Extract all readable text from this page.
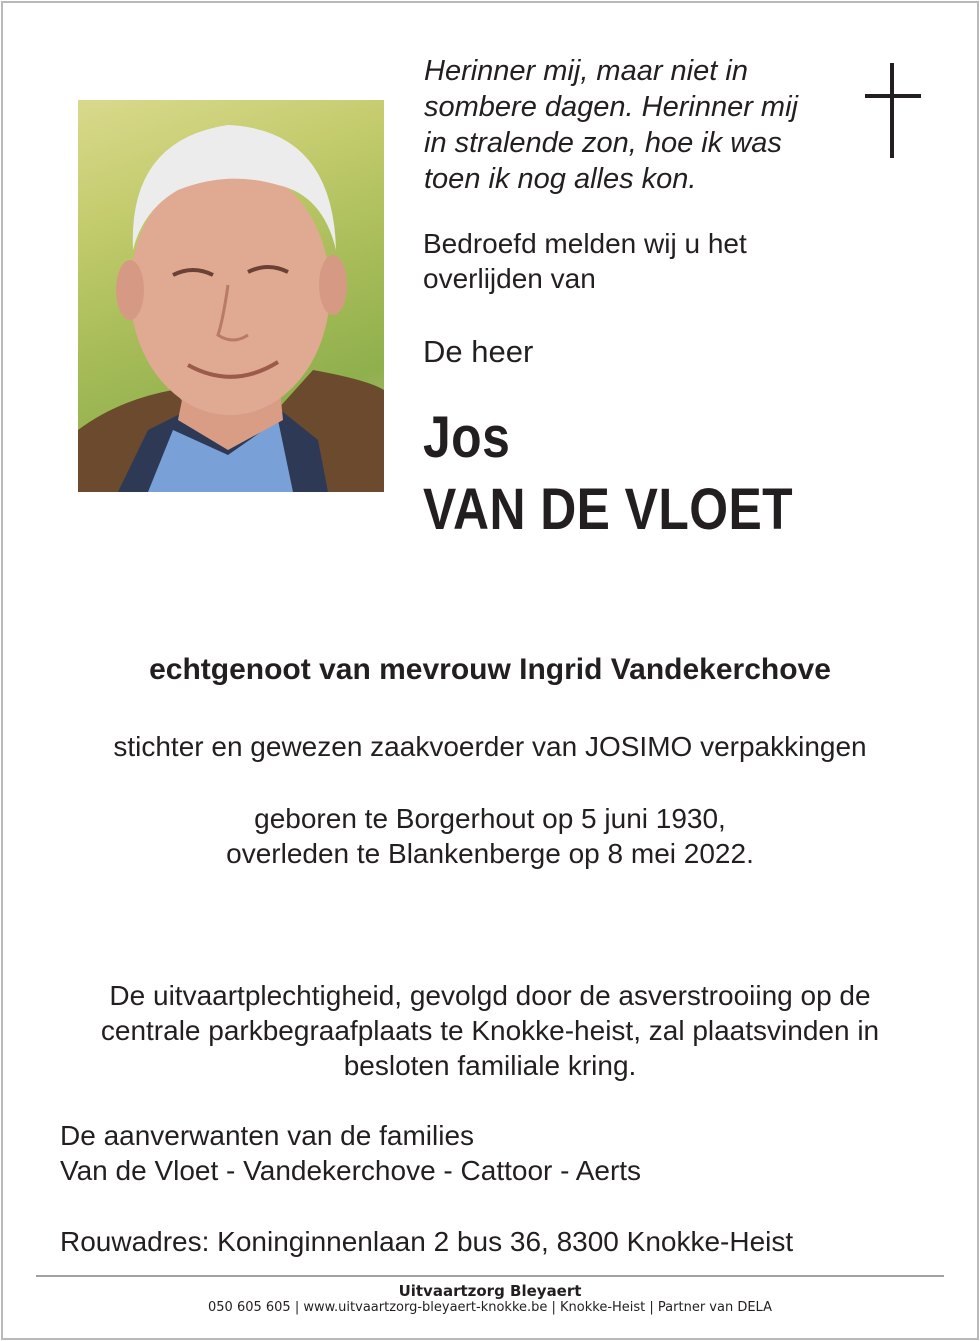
Herinner mij, maar niet in
sombere dagen. Herinner mij
in stralende zon, hoe ik was
toen ik nog alles kon.
Bedroefd melden wij u het
overlijden van
De heer
Jos
VAN DE VLOET
echtgenoot van mevrouw Ingrid Vandekerchove
stichter en gewezen zaakvoerder van JOSIMO verpakkingen
geboren te Borgerhout op 5 juni 1930,
overleden te Blankenberge op 8 mei 2022.
De uitvaartplechtigheid, gevolgd door de asverstrooiing op de
centrale parkbegraafplaats te Knokke-heist, zal plaatsvinden in
besloten familiale kring.
De aanverwanten van de families
Van de Vloet - Vandekerchove - Cattoor - Aerts
Rouwadres: Koninginnenlaan 2 bus 36, 8300 Knokke-Heist
Uitvaartzorg Bleyaert
050 605 605 | www.uitvaartzorg-bleyaert-knokke.be | Knokke-Heist | Partner van DELA
